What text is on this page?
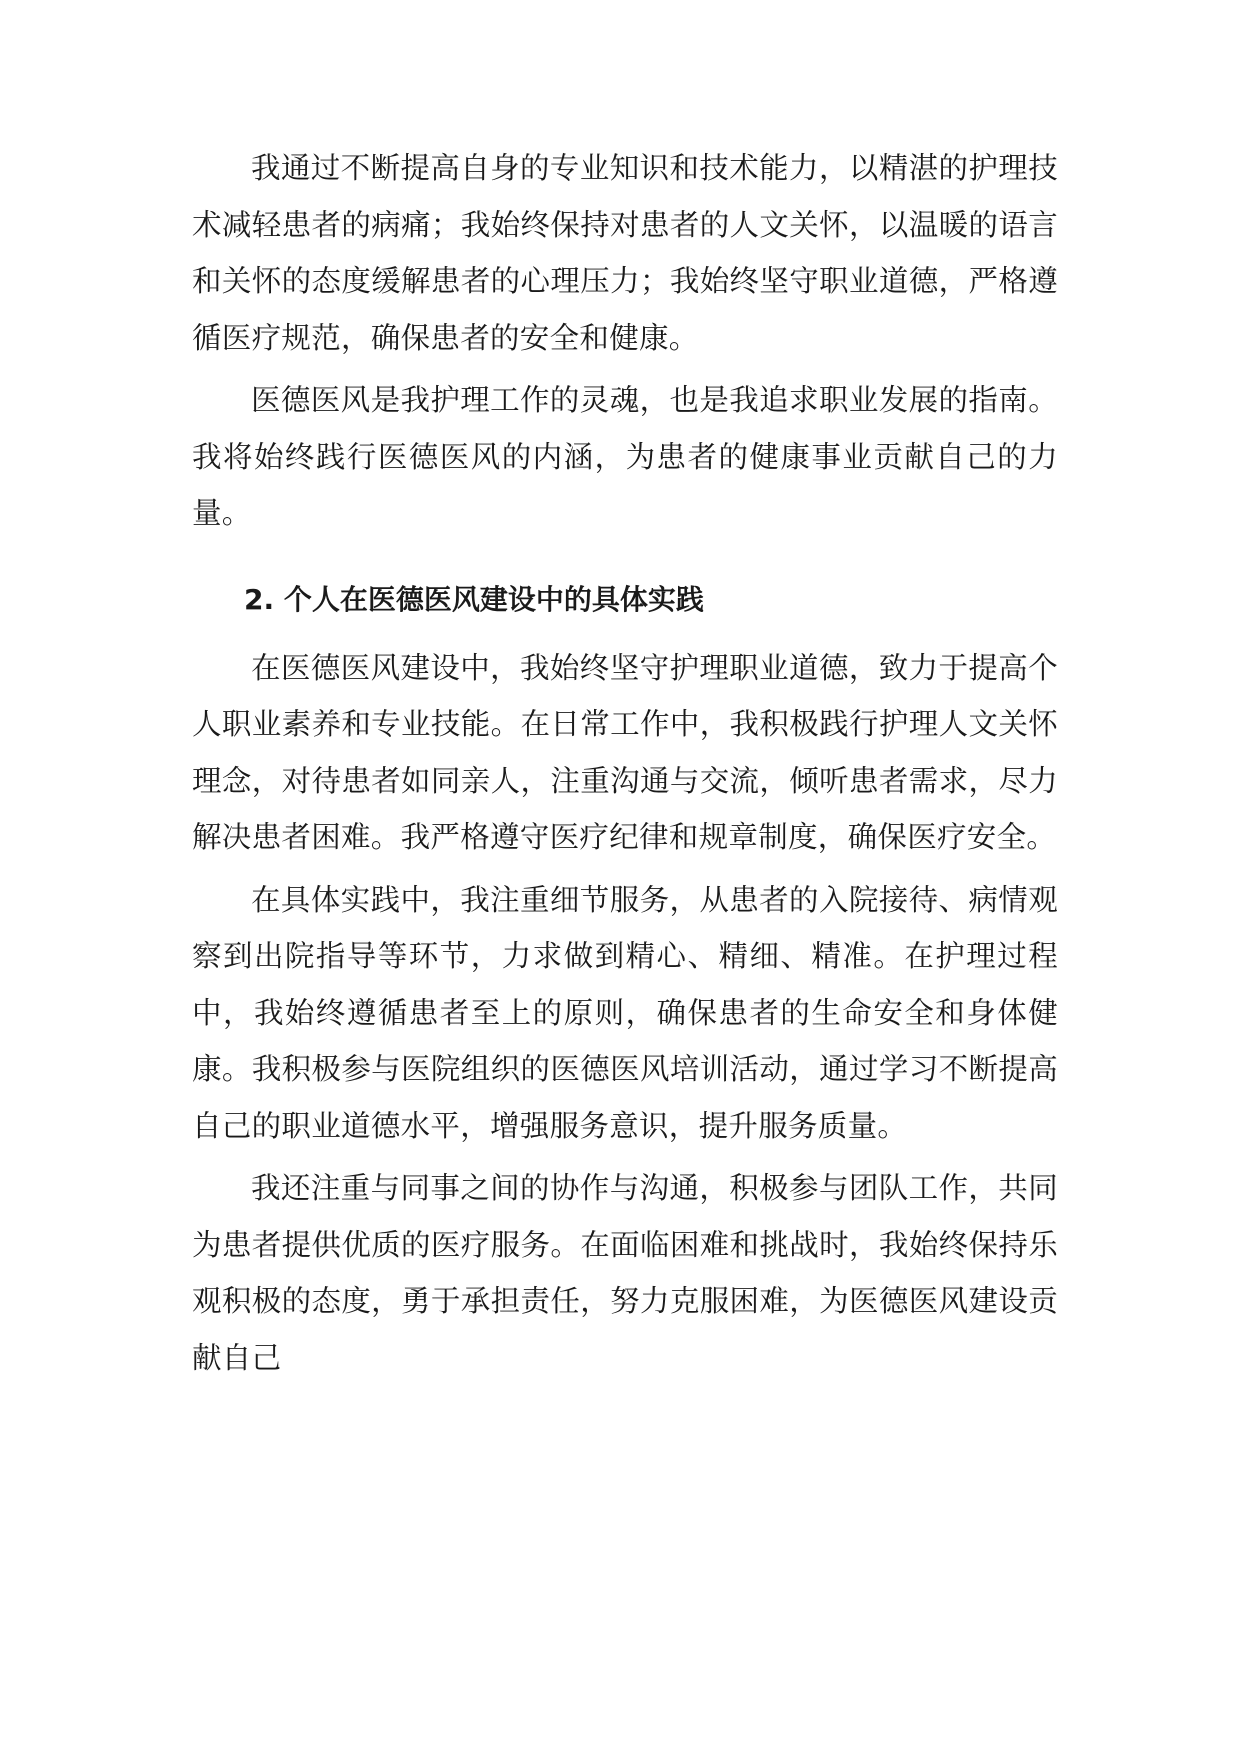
我通过不断提高自身的专业知识和技术能力，以精湛的护理技术减轻患者的病痛；我始终保持对患者的人文关怀，以温暖的语言和关怀的态度缓解患者的心理压力；我始终坚守职业道德，严格遵循医疗规范，确保患者的安全和健康。

医德医风是我护理工作的灵魂，也是我追求职业发展的指南。我将始终践行医德医风的内涵，为患者的健康事业贡献自己的力量。

2. 个人在医德医风建设中的具体实践

在医德医风建设中，我始终坚守护理职业道德，致力于提高个人职业素养和专业技能。在日常工作中，我积极践行护理人文关怀理念，对待患者如同亲人，注重沟通与交流，倾听患者需求，尽力解决患者困难。我严格遵守医疗纪律和规章制度，确保医疗安全。

在具体实践中，我注重细节服务，从患者的入院接待、病情观察到出院指导等环节，力求做到精心、精细、精准。在护理过程中，我始终遵循患者至上的原则，确保患者的生命安全和身体健康。我积极参与医院组织的医德医风培训活动，通过学习不断提高自己的职业道德水平，增强服务意识，提升服务质量。

我还注重与同事之间的协作与沟通，积极参与团队工作，共同为患者提供优质的医疗服务。在面临困难和挑战时，我始终保持乐观积极的态度，勇于承担责任，努力克服困难，为医德医风建设贡献自己
